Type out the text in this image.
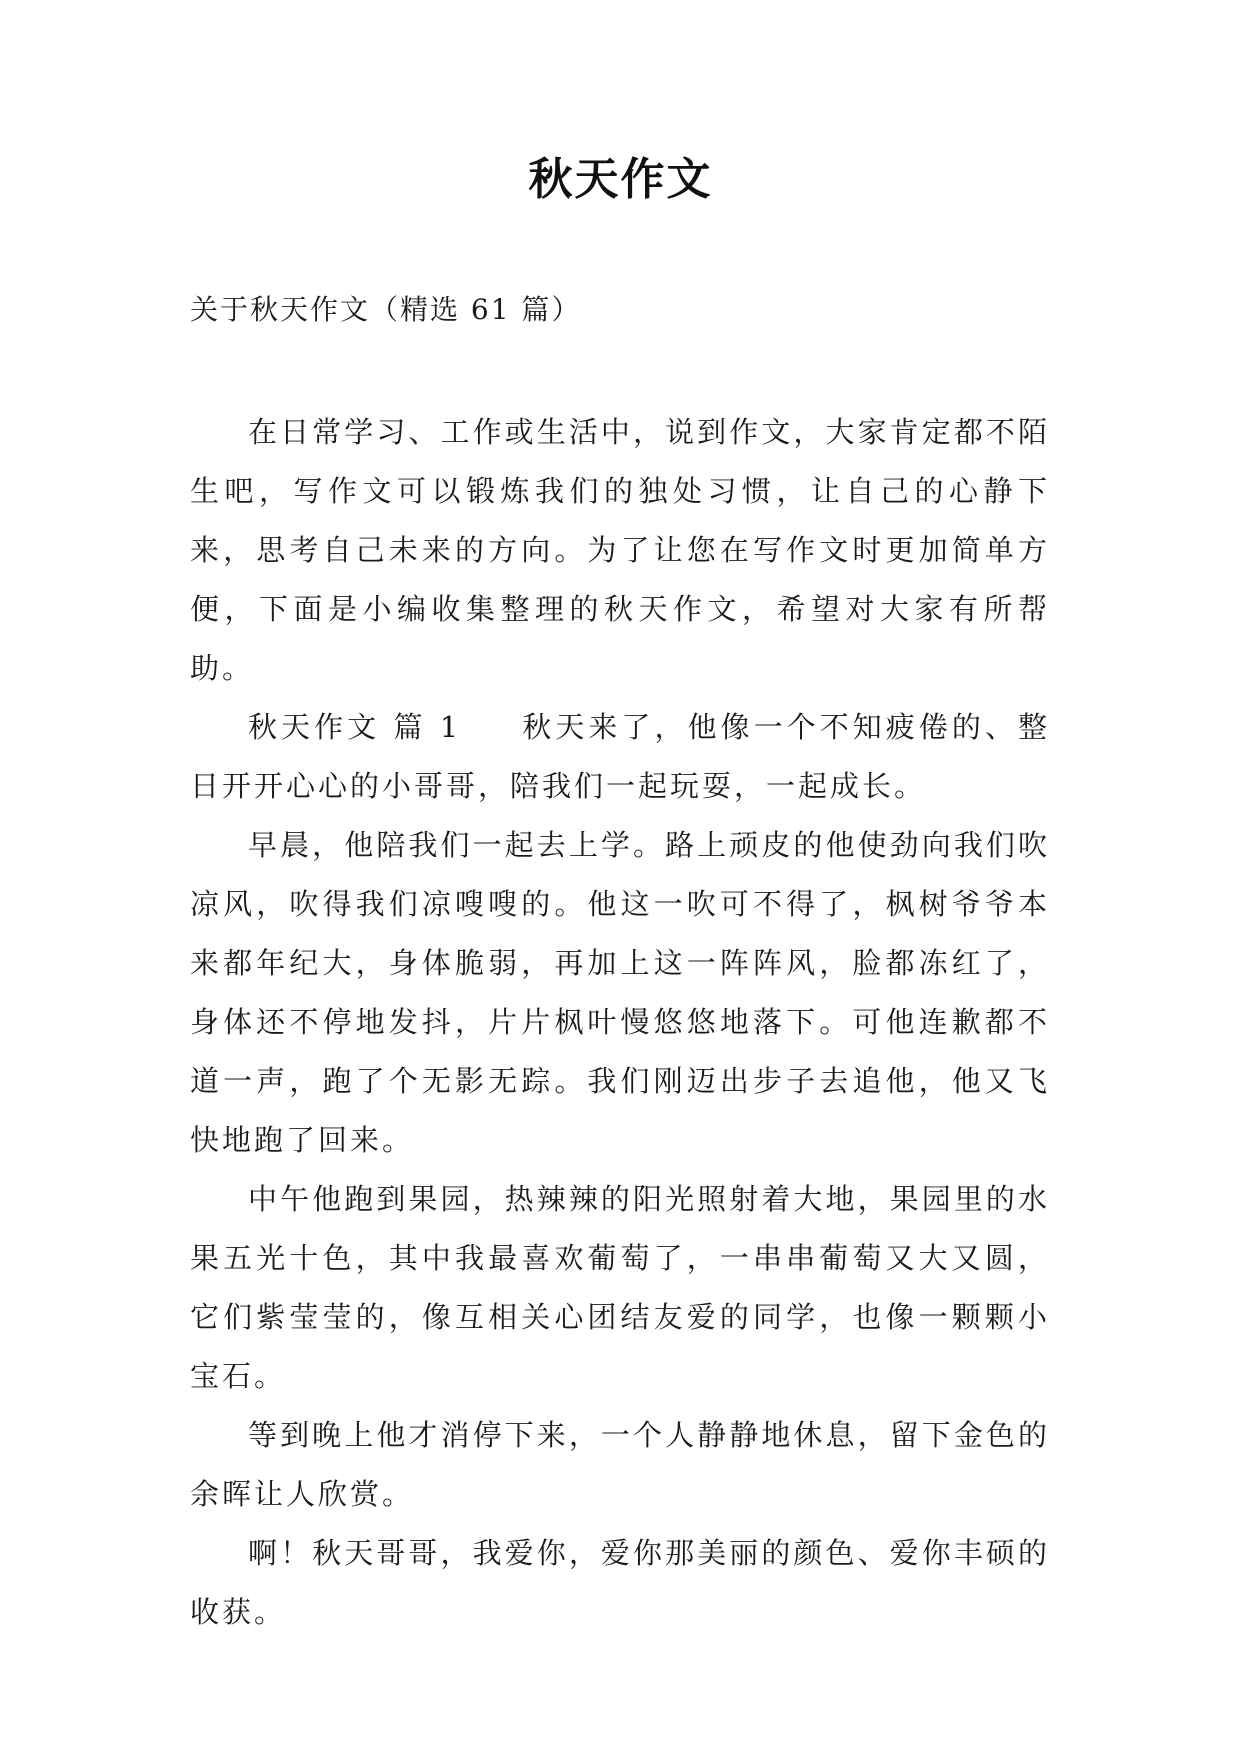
秋天作文
关于秋天作文（精选 61 篇）

在日常学习、工作或生活中，说到作文，大家肯定都不陌生吧，写作文可以锻炼我们的独处习惯，让自己的心静下来，思考自己未来的方向。为了让您在写作文时更加简单方便，下面是小编收集整理的秋天作文，希望对大家有所帮助。

秋天作文 篇 1 秋天来了，他像一个不知疲倦的、整日开开心心的小哥哥，陪我们一起玩耍，一起成长。

早晨，他陪我们一起去上学。路上顽皮的他使劲向我们吹凉风，吹得我们凉嗖嗖的。他这一吹可不得了，枫树爷爷本来都年纪大，身体脆弱，再加上这一阵阵风，脸都冻红了，身体还不停地发抖，片片枫叶慢悠悠地落下。可他连歉都不道一声，跑了个无影无踪。我们刚迈出步子去追他，他又飞快地跑了回来。

中午他跑到果园，热辣辣的阳光照射着大地，果园里的水果五光十色，其中我最喜欢葡萄了，一串串葡萄又大又圆，它们紫莹莹的，像互相关心团结友爱的同学，也像一颗颗小宝石。

等到晚上他才消停下来，一个人静静地休息，留下金色的余晖让人欣赏。

啊！秋天哥哥，我爱你，爱你那美丽的颜色、爱你丰硕的收获。
